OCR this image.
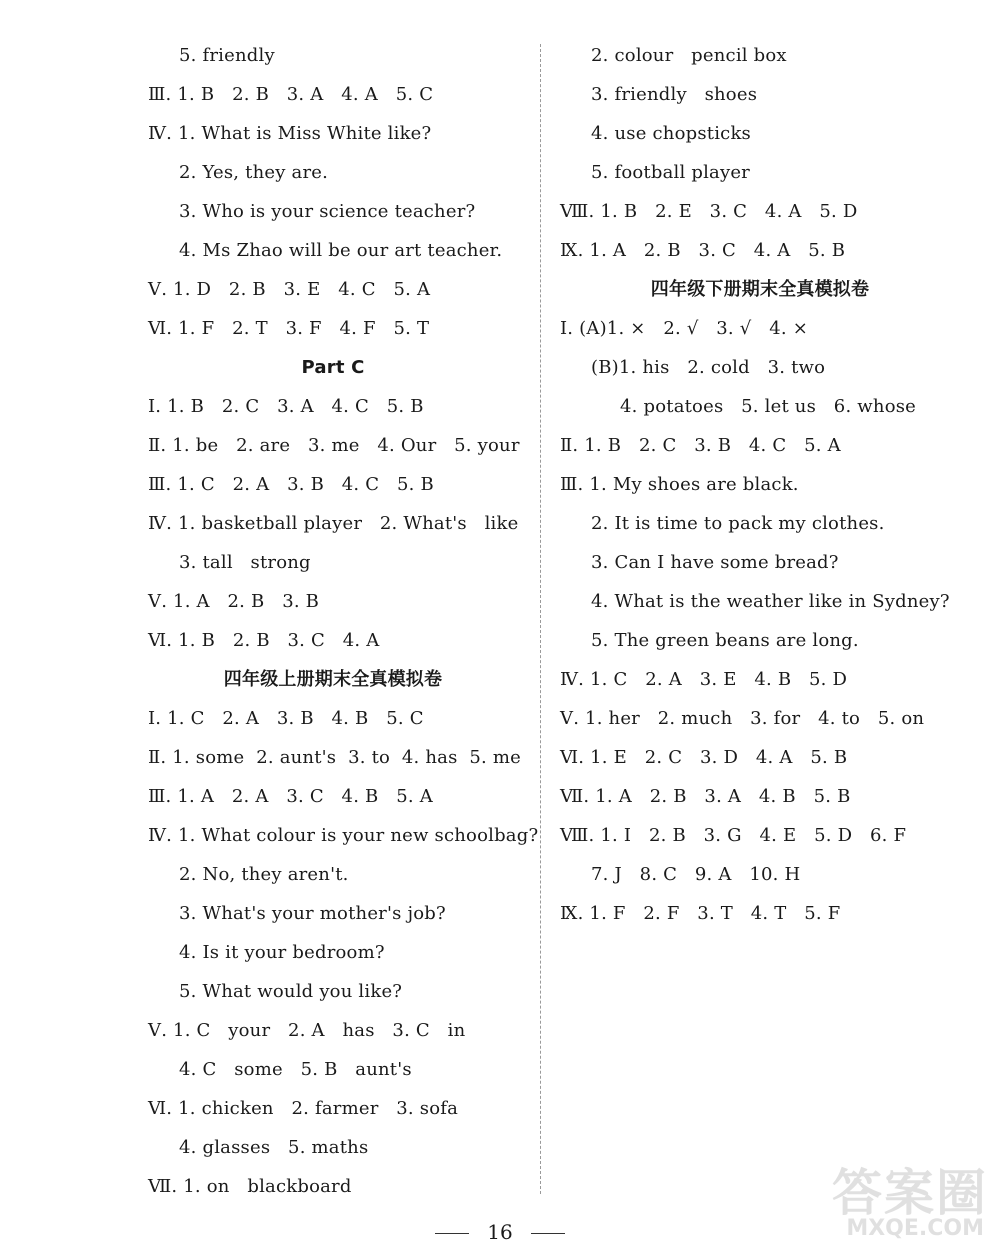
5. friendly
Ⅲ. 1. B   2. B   3. A   4. A   5. C
Ⅳ. 1. What is Miss White like?
2. Yes, they are.
3. Who is your science teacher?
4. Ms Zhao will be our art teacher.
Ⅴ. 1. D   2. B   3. E   4. C   5. A
Ⅵ. 1. F   2. T   3. F   4. F   5. T
Part C
Ⅰ. 1. B   2. C   3. A   4. C   5. B
Ⅱ. 1. be   2. are   3. me   4. Our   5. your
Ⅲ. 1. C   2. A   3. B   4. C   5. B
Ⅳ. 1. basketball player   2. What's   like
3. tall   strong
Ⅴ. 1. A   2. B   3. B
Ⅵ. 1. B   2. B   3. C   4. A
四年级上册期末全真模拟卷
Ⅰ. 1. C   2. A   3. B   4. B   5. C
Ⅱ. 1. some  2. aunt's  3. to  4. has  5. me
Ⅲ. 1. A   2. A   3. C   4. B   5. A
Ⅳ. 1. What colour is your new schoolbag?
2. No, they aren't.
3. What's your mother's job?
4. Is it your bedroom?
5. What would you like?
Ⅴ. 1. C   your   2. A   has   3. C   in
4. C   some   5. B   aunt's
Ⅵ. 1. chicken   2. farmer   3. sofa
4. glasses   5. maths
Ⅶ. 1. on   blackboard
2. colour   pencil box
3. friendly   shoes
4. use chopsticks
5. football player
Ⅷ. 1. B   2. E   3. C   4. A   5. D
Ⅸ. 1. A   2. B   3. C   4. A   5. B
四年级下册期末全真模拟卷
Ⅰ. (A)1. ×   2. √   3. √   4. ×
(B)1. his   2. cold   3. two
4. potatoes   5. let us   6. whose
Ⅱ. 1. B   2. C   3. B   4. C   5. A
Ⅲ. 1. My shoes are black.
2. It is time to pack my clothes.
3. Can I have some bread?
4. What is the weather like in Sydney?
5. The green beans are long.
Ⅳ. 1. C   2. A   3. E   4. B   5. D
Ⅴ. 1. her   2. much   3. for   4. to   5. on
Ⅵ. 1. E   2. C   3. D   4. A   5. B
Ⅶ. 1. A   2. B   3. A   4. B   5. B
Ⅷ. 1. I   2. B   3. G   4. E   5. D   6. F
7. J   8. C   9. A   10. H
Ⅸ. 1. F   2. F   3. T   4. T   5. F
16
答案圈
MXQE.COM
